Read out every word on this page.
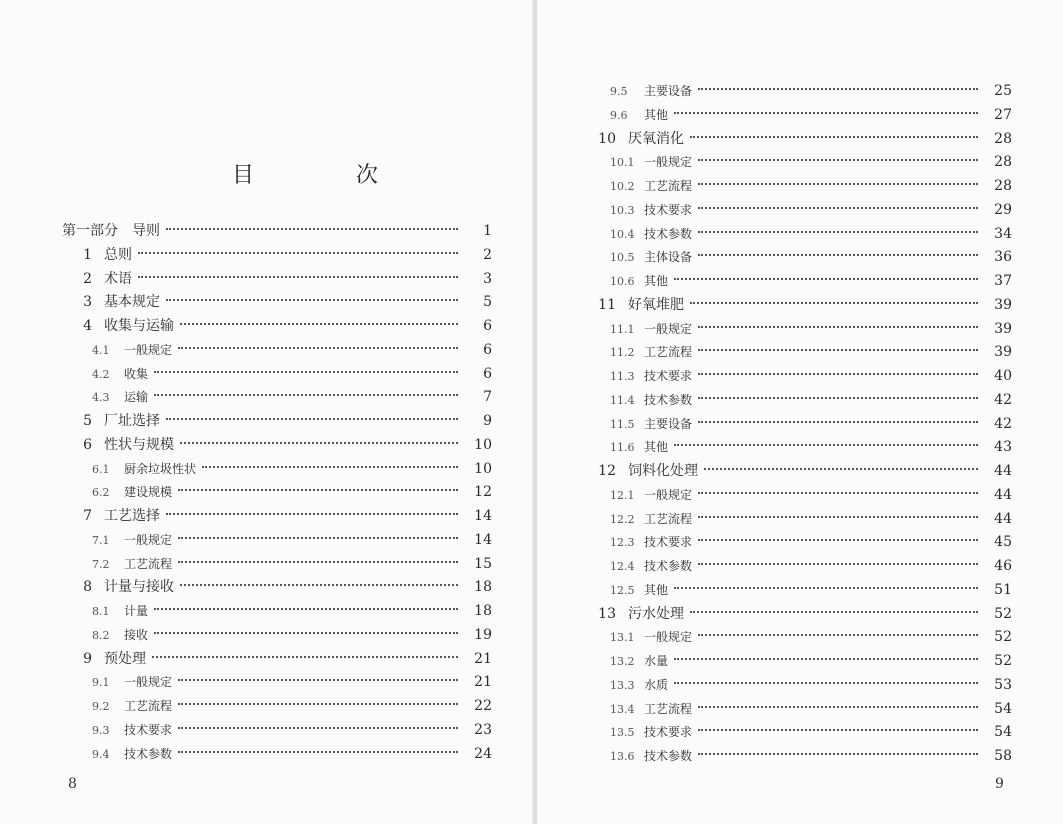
目　次
8	9
第一部分　导则	1
1 总则	2
2 术语	3
3 基本规定	5
4 收集与运输	6
4.1	一般规定	6
4.2	收集	6
4.3	运输	7
5 厂址选择	9
6 性状与规模	10
6.1	厨余垃圾性状	10
6.2	建设规模	12
7 工艺选择	14
7.1	一般规定	14
7.2	工艺流程	15
8 计量与接收	18
8.1	计量	18
8.2	接收	19
9 预处理	21
9.1	一般规定	21
9.2	工艺流程	22
9.3	技术要求	23
9.4	技术参数	24
9.5	主要设备	25
9.6	其他	27
10 厌氧消化	28
10.1 一般规定	28
10.2 工艺流程	28
10.3 技术要求	29
10.4 技术参数	34
10.5 主体设备	36
10.6 其他	37
11 好氧堆肥	39
11.1 一般规定	39
11.2 工艺流程	39
11.3 技术要求	40
11.4 技术参数	42
11.5 主要设备	42
11.6 其他	43
12 饲料化处理	44
12.1 一般规定	44
12.2 工艺流程	44
12.3 技术要求	45
12.4 技术参数	46
12.5 其他	51
13 污水处理	52
13.1 一般规定	52
13.2 水量	52
13.3 水质	53
13.4 工艺流程	54
13.5 技术要求	54
13.6 技术参数	58
